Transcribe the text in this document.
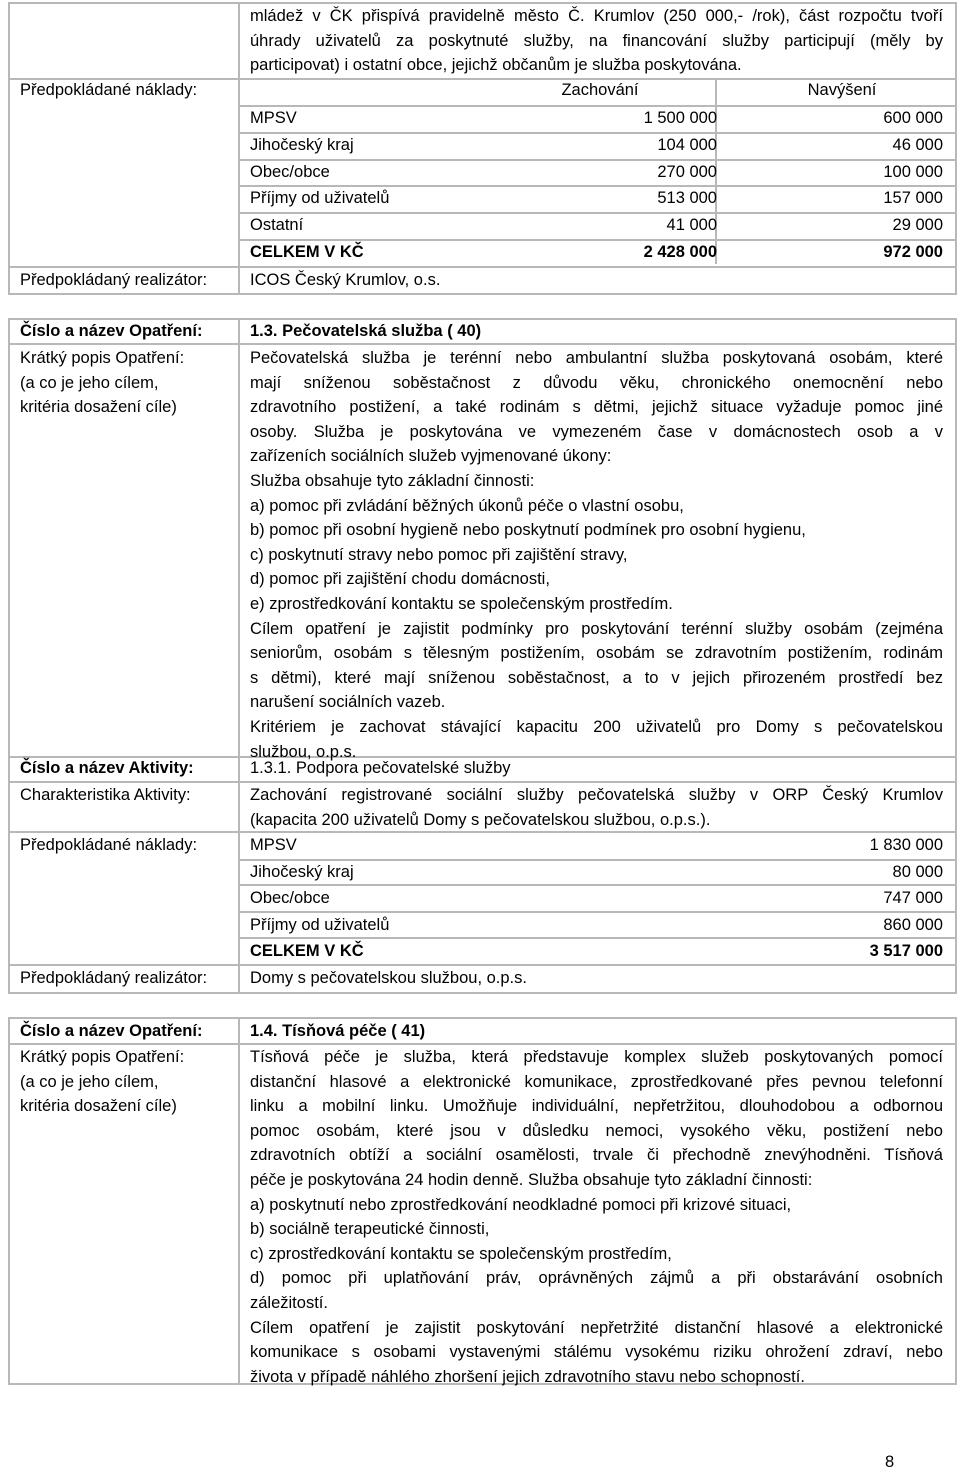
mládež v ČK přispívá pravidelně město Č. Krumlov (250 000,- /rok), část rozpočtu tvoří
úhrady uživatelů za poskytnuté služby, na financování služby participují (měly by
participovat) i ostatní obce, jejichž občanům je služba poskytována.
Předpokládané náklady:	Zachování	Navýšení
MPSV	1 500 000	600 000
Jihočeský kraj	104 000	46 000
Obec/obce	270 000	100 000
Příjmy od uživatelů	513 000	157 000
Ostatní	41 000	29 000
CELKEM V KČ	2 428 000	972 000
Předpokládaný realizátor:	ICOS Český Krumlov, o.s.
Číslo a název Opatření:	1.3. Pečovatelská služba ( 40)
Krátký popis Opatření:
(a co je jeho cílem,
kritéria dosažení cíle)
Pečovatelská služba je terénní nebo ambulantní služba poskytovaná osobám, které
mají sníženou soběstačnost z důvodu věku, chronického onemocnění nebo
zdravotního postižení, a také rodinám s dětmi, jejichž situace vyžaduje pomoc jiné
osoby. Služba je poskytována ve vymezeném čase v domácnostech osob a v
zařízeních sociálních služeb vyjmenované úkony:
Služba obsahuje tyto základní činnosti:
a) pomoc při zvládání běžných úkonů péče o vlastní osobu,
b) pomoc při osobní hygieně nebo poskytnutí podmínek pro osobní hygienu,
c) poskytnutí stravy nebo pomoc při zajištění stravy,
d) pomoc při zajištění chodu domácnosti,
e) zprostředkování kontaktu se společenským prostředím.
Cílem opatření je zajistit podmínky pro poskytování terénní služby osobám (zejména
seniorům, osobám s tělesným postižením, osobám se zdravotním postižením, rodinám
s dětmi), které mají sníženou soběstačnost, a to v jejich přirozeném prostředí bez
narušení sociálních vazeb.
Kritériem je zachovat stávající kapacitu 200 uživatelů pro Domy s pečovatelskou
službou, o.p.s.
Číslo a název Aktivity:	1.3.1. Podpora pečovatelské služby
Charakteristika Aktivity:	Zachování registrované sociální služby pečovatelská služby v ORP Český Krumlov
(kapacita 200 uživatelů Domy s pečovatelskou službou, o.p.s.).
Předpokládané náklady:	MPSV	1 830 000
Jihočeský kraj	80 000
Obec/obce	747 000
Příjmy od uživatelů	860 000
CELKEM V KČ	3 517 000
Předpokládaný realizátor:	Domy s pečovatelskou službou, o.p.s.
Číslo a název Opatření:	1.4. Tísňová péče ( 41)
Krátký popis Opatření:
(a co je jeho cílem,
kritéria dosažení cíle)
Tísňová péče je služba, která představuje komplex služeb poskytovaných pomocí
distanční hlasové a elektronické komunikace, zprostředkované přes pevnou telefonní
linku a mobilní linku. Umožňuje individuální, nepřetržitou, dlouhodobou a odbornou
pomoc osobám, které jsou v důsledku nemoci, vysokého věku, postižení nebo
zdravotních obtíží a sociální osamělosti, trvale či přechodně znevýhodněni. Tísňová
péče je poskytována 24 hodin denně. Služba obsahuje tyto základní činnosti:
a) poskytnutí nebo zprostředkování neodkladné pomoci při krizové situaci,
b) sociálně terapeutické činnosti,
c) zprostředkování kontaktu se společenským prostředím,
d) pomoc při uplatňování práv, oprávněných zájmů a při obstarávání osobních
záležitostí.
Cílem opatření je zajistit poskytování nepřetržité distanční hlasové a elektronické
komunikace s osobami vystavenými stálému vysokému riziku ohrožení zdraví, nebo
života v případě náhlého zhoršení jejich zdravotního stavu nebo schopností.
8
